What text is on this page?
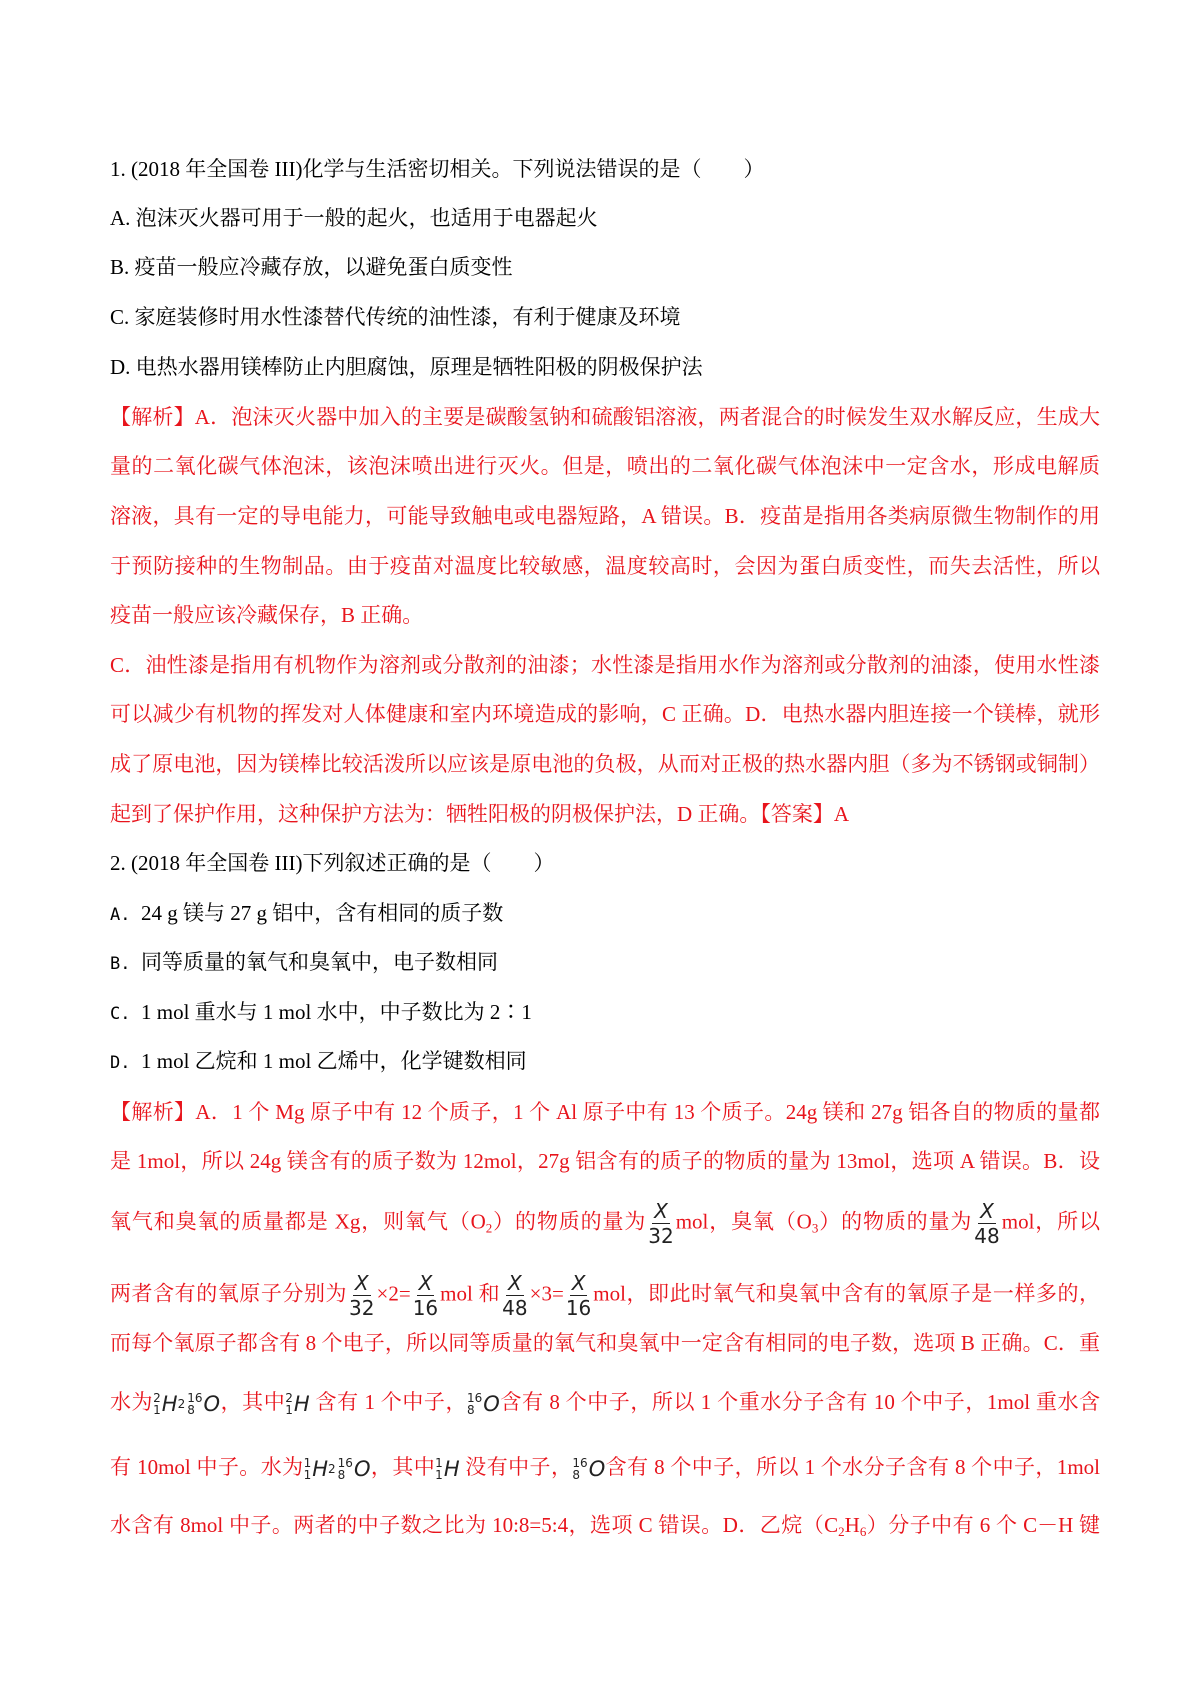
1. (2018 年全国卷 III)化学与生活密切相关。下列说法错误的是（　　）
A. 泡沫灭火器可用于一般的起火，也适用于电器起火
B. 疫苗一般应冷藏存放，以避免蛋白质变性
C. 家庭装修时用水性漆替代传统的油性漆，有利于健康及环境
D. 电热水器用镁棒防止内胆腐蚀，原理是牺牲阳极的阴极保护法
【解析】A．泡沫灭火器中加入的主要是碳酸氢钠和硫酸铝溶液，两者混合的时候发生双水解反应，生成大
量的二氧化碳气体泡沫，该泡沫喷出进行灭火。但是，喷出的二氧化碳气体泡沫中一定含水，形成电解质
溶液，具有一定的导电能力，可能导致触电或电器短路，A 错误。B．疫苗是指用各类病原微生物制作的用
于预防接种的生物制品。由于疫苗对温度比较敏感，温度较高时，会因为蛋白质变性，而失去活性，所以
疫苗一般应该冷藏保存，B 正确。
C．油性漆是指用有机物作为溶剂或分散剂的油漆；水性漆是指用水作为溶剂或分散剂的油漆，使用水性漆
可以减少有机物的挥发对人体健康和室内环境造成的影响，C 正确。D．电热水器内胆连接一个镁棒，就形
成了原电池，因为镁棒比较活泼所以应该是原电池的负极，从而对正极的热水器内胆（多为不锈钢或铜制）
起到了保护作用，这种保护方法为：牺牲阳极的阴极保护法，D 正确。【答案】A
2. (2018 年全国卷 III)下列叙述正确的是（　　）
A. 24 g 镁与 27 g 铝中，含有相同的质子数
B. 同等质量的氧气和臭氧中，电子数相同
C. 1 mol 重水与 1 mol 水中，中子数比为 2∶1
D. 1 mol 乙烷和 1 mol 乙烯中，化学键数相同
【解析】A．1 个 Mg 原子中有 12 个质子，1 个 Al 原子中有 13 个质子。24g 镁和 27g 铝各自的物质的量都
是 1mol，所以 24g 镁含有的质子数为 12mol，27g 铝含有的质子的物质的量为 13mol，选项 A 错误。B．设
氧气和臭氧的质量都是 Xg，则氧气$(O_2)$的物质的量为 $\frac{X}{32}$ mol，臭氧$(O_3)$的物质的量为 $\frac{X}{48}$ mol，所以
两者含有的氧原子分别为 $\frac{X}{32} \times 2= \frac{X}{16}$ mol 和 $\frac{X}{48} \times 3= \frac{X}{16}$ mol，即此时氧气和臭氧中含有的氧原子是一样多的，
而每个氧原子都含有 8 个电子，所以同等质量的氧气和臭氧中一定含有相同的电子数，选项 B 正确。C．重
水为 2
1 H 2 16
8 O ，其中 2
1 H 含有 1 个中子， 16
8 O 含有 8 个中子，所以 1 个重水分子含有 10 个中子，1mol 重水含
有 10mol 中子。水为 1
1 H 2 16
8 O ，其中 1
1 H 没有中子， 16
8 O 含有 8 个中子，所以 1 个水分子含有 8 个中子，1mol
水含有 8mol 中子。两者的中子数之比为 10:8=5:4，选项 C 错误。D．乙烷$(C_2H_6)$分子中有 6 个 C－H 键
